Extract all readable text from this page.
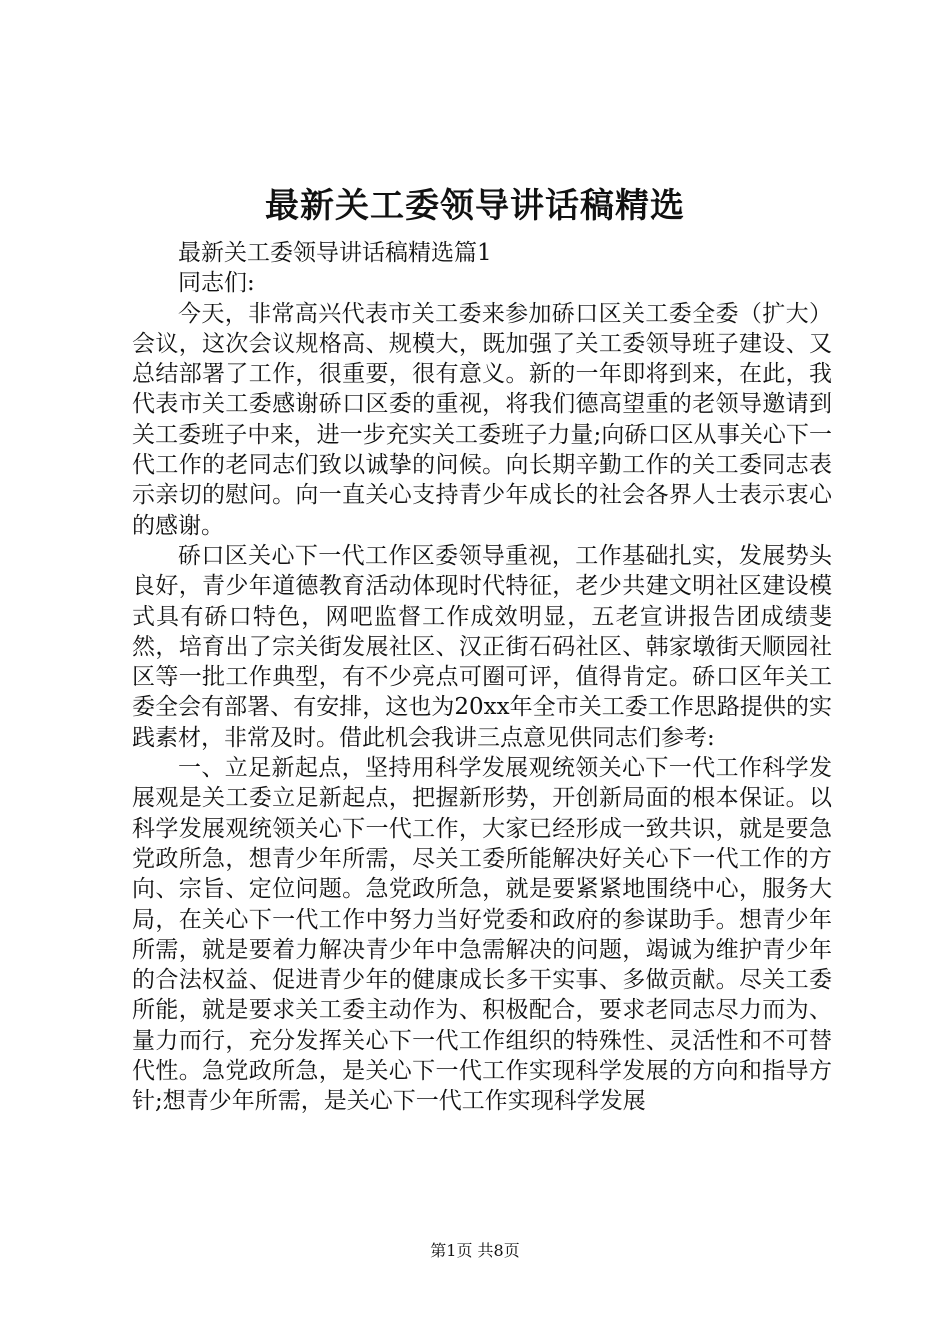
最新关工委领导讲话稿精选

最新关工委领导讲话稿精选篇1

同志们:

今天，非常高兴代表市关工委来参加硚口区关工委全委（扩大）会议，这次会议规格高、规模大，既加强了关工委领导班子建设、又总结部署了工作，很重要，很有意义。新的一年即将到来，在此，我代表市关工委感谢硚口区委的重视，将我们德高望重的老领导邀请到关工委班子中来，进一步充实关工委班子力量;向硚口区从事关心下一代工作的老同志们致以诚挚的问候。向长期辛勤工作的关工委同志表示亲切的慰问。向一直关心支持青少年成长的社会各界人士表示衷心的感谢。

硚口区关心下一代工作区委领导重视，工作基础扎实，发展势头良好，青少年道德教育活动体现时代特征，老少共建文明社区建设模式具有硚口特色，网吧监督工作成效明显，五老宣讲报告团成绩斐然，培育出了宗关街发展社区、汉正街石码社区、韩家墩街天顺园社区等一批工作典型，有不少亮点可圈可评，值得肯定。硚口区年关工委全会有部署、有安排，这也为20xx年全市关工委工作思路提供的实践素材，非常及时。借此机会我讲三点意见供同志们参考:

一、立足新起点，坚持用科学发展观统领关心下一代工作科学发展观是关工委立足新起点，把握新形势，开创新局面的根本保证。以科学发展观统领关心下一代工作，大家已经形成一致共识，就是要急党政所急，想青少年所需，尽关工委所能解决好关心下一代工作的方向、宗旨、定位问题。急党政所急，就是要紧紧地围绕中心，服务大局，在关心下一代工作中努力当好党委和政府的参谋助手。想青少年所需，就是要着力解决青少年中急需解决的问题，竭诚为维护青少年的合法权益、促进青少年的健康成长多干实事、多做贡献。尽关工委所能，就是要求关工委主动作为、积极配合，要求老同志尽力而为、量力而行，充分发挥关心下一代工作组织的特殊性、灵活性和不可替代性。急党政所急，是关心下一代工作实现科学发展的方向和指导方针;想青少年所需，是关心下一代工作实现科学发展

第1页 共8页
